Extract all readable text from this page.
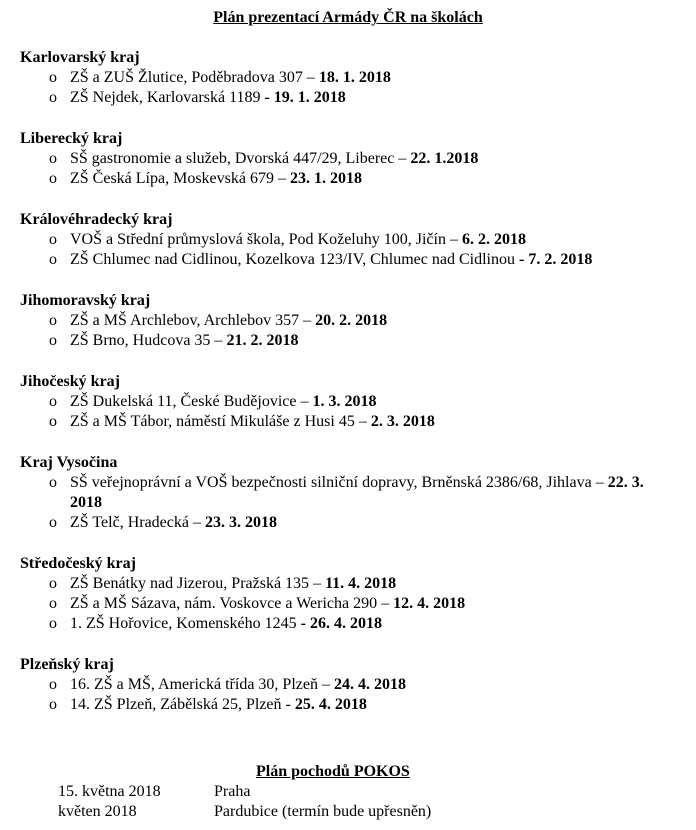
Plán prezentací Armády ČR na školách
Karlovarský kraj
o ZŠ a ZUŠ Žlutice, Poděbradova 307 – 18. 1. 2018
o ZŠ Nejdek, Karlovarská 1189 - 19. 1. 2018
Liberecký kraj
o SŠ gastronomie a služeb, Dvorská 447/29, Liberec – 22. 1.2018
o ZŠ Česká Lípa, Moskevská 679 – 23. 1. 2018
Královéhradecký kraj
o VOŠ a Střední průmyslová škola, Pod Koželuhy 100, Jičín – 6. 2. 2018
o ZŠ Chlumec nad Cidlinou, Kozelkova 123/IV, Chlumec nad Cidlinou - 7. 2. 2018
Jihomoravský kraj
o ZŠ a MŠ Archlebov, Archlebov 357 – 20. 2. 2018
o ZŠ Brno, Hudcova 35 – 21. 2. 2018
Jihočeský kraj
o ZŠ Dukelská 11, České Budějovice – 1. 3. 2018
o ZŠ a MŠ Tábor, náměstí Mikuláše z Husi 45 – 2. 3. 2018
Kraj Vysočina
o SŠ veřejnoprávní a VOŠ bezpečnosti silniční dopravy, Brněnská 2386/68, Jihlava – 22. 3. 2018
o ZŠ Telč, Hradecká – 23. 3. 2018
Středočeský kraj
o ZŠ Benátky nad Jizerou, Pražská 135 – 11. 4. 2018
o ZŠ a MŠ Sázava, nám. Voskovce a Wericha 290 – 12. 4. 2018
o 1. ZŠ Hořovice, Komenského 1245 - 26. 4. 2018
Plzeňský kraj
o 16. ZŠ a MŠ, Americká třída 30, Plzeň – 24. 4. 2018
o 14. ZŠ Plzeň, Zábělská 25, Plzeň - 25. 4. 2018
Plán pochodů POKOS
15. května 2018	Praha
květen 2018	Pardubice (termín bude upřesněn)
